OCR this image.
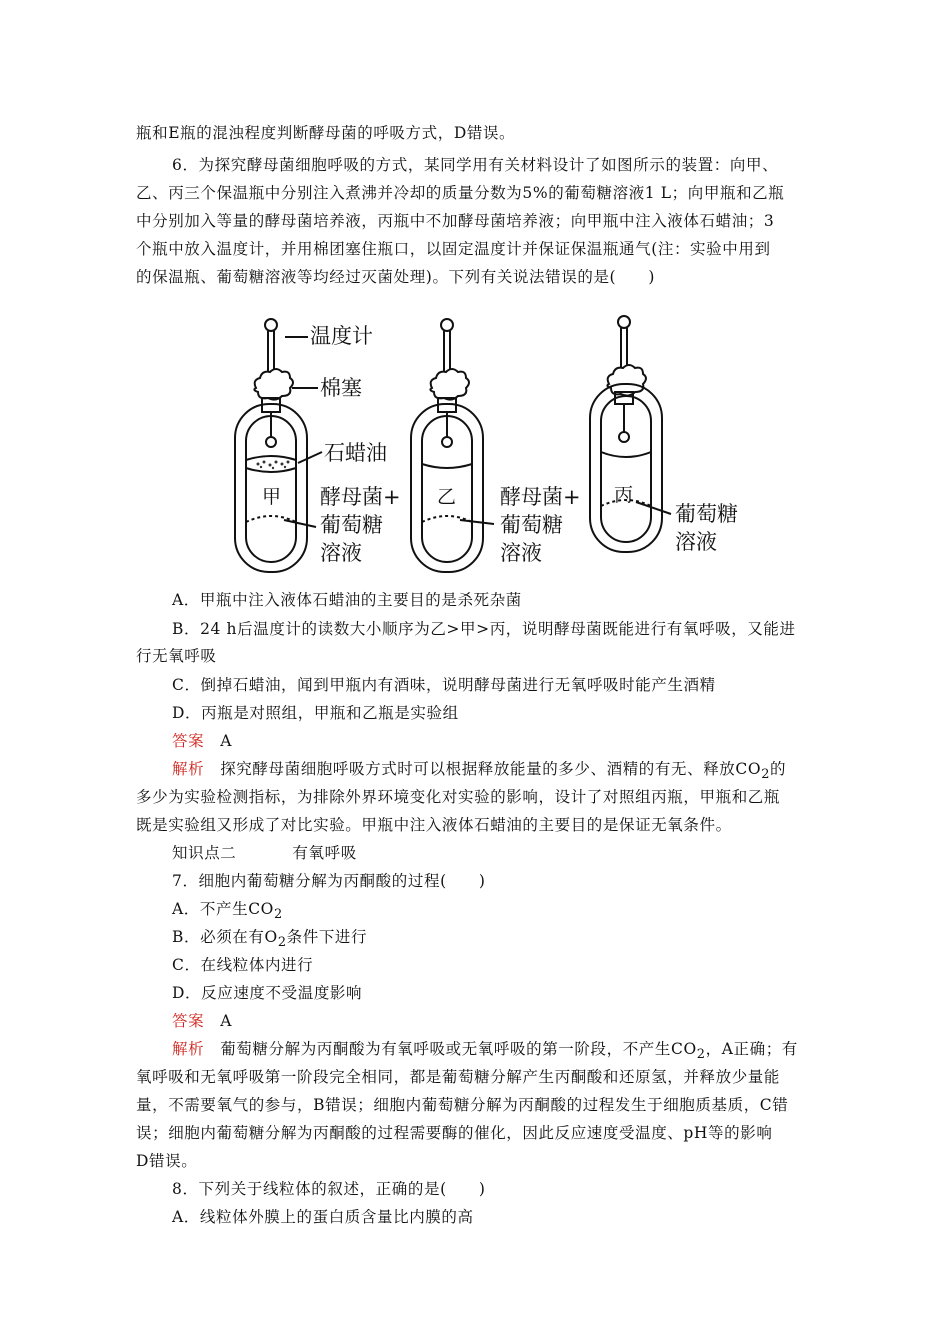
瓶和E瓶的混浊程度判断酵母菌的呼吸方式，D错误。
6．为探究酵母菌细胞呼吸的方式，某同学用有关材料设计了如图所示的装置：向甲、
乙、丙三个保温瓶中分别注入煮沸并冷却的质量分数为5%的葡萄糖溶液1 L；向甲瓶和乙瓶
中分别加入等量的酵母菌培养液，丙瓶中不加酵母菌培养液；向甲瓶中注入液体石蜡油；3
个瓶中放入温度计，并用棉团塞住瓶口，以固定温度计并保证保温瓶通气(注：实验中用到
的保温瓶、葡萄糖溶液等均经过灭菌处理)。下列有关说法错误的是(　　)
温度计
棉塞
石蜡油
甲 酵母菌+
葡萄糖
溶液
乙 酵母菌+
葡萄糖
溶液
丙
葡萄糖
溶液
A．甲瓶中注入液体石蜡油的主要目的是杀死杂菌
B．24 h后温度计的读数大小顺序为乙>甲>丙，说明酵母菌既能进行有氧呼吸，又能进
行无氧呼吸
C．倒掉石蜡油，闻到甲瓶内有酒味，说明酵母菌进行无氧呼吸时能产生酒精
D．丙瓶是对照组，甲瓶和乙瓶是实验组
答案 A
解析 探究酵母菌细胞呼吸方式时可以根据释放能量的多少、酒精的有无、释放$CO_2$的
多少为实验检测指标，为排除外界环境变化对实验的影响，设计了对照组丙瓶，甲瓶和乙瓶
既是实验组又形成了对比实验。甲瓶中注入液体石蜡油的主要目的是保证无氧条件。
知识点二	有氧呼吸
7．细胞内葡萄糖分解为丙酮酸的过程(　　)
A．不产生$CO_2$
B．必须在有$O_2$条件下进行
C．在线粒体内进行
D．反应速度不受温度影响
答案 A
解析 葡萄糖分解为丙酮酸为有氧呼吸或无氧呼吸的第一阶段，不产生$CO_2$，A正确；有
氧呼吸和无氧呼吸第一阶段完全相同，都是葡萄糖分解产生丙酮酸和还原氢，并释放少量能
量，不需要氧气的参与，B错误；细胞内葡萄糖分解为丙酮酸的过程发生于细胞质基质，C错
误；细胞内葡萄糖分解为丙酮酸的过程需要酶的催化，因此反应速度受温度、pH等的影响
D错误。
8．下列关于线粒体的叙述，正确的是(　　)
A．线粒体外膜上的蛋白质含量比内膜的高
